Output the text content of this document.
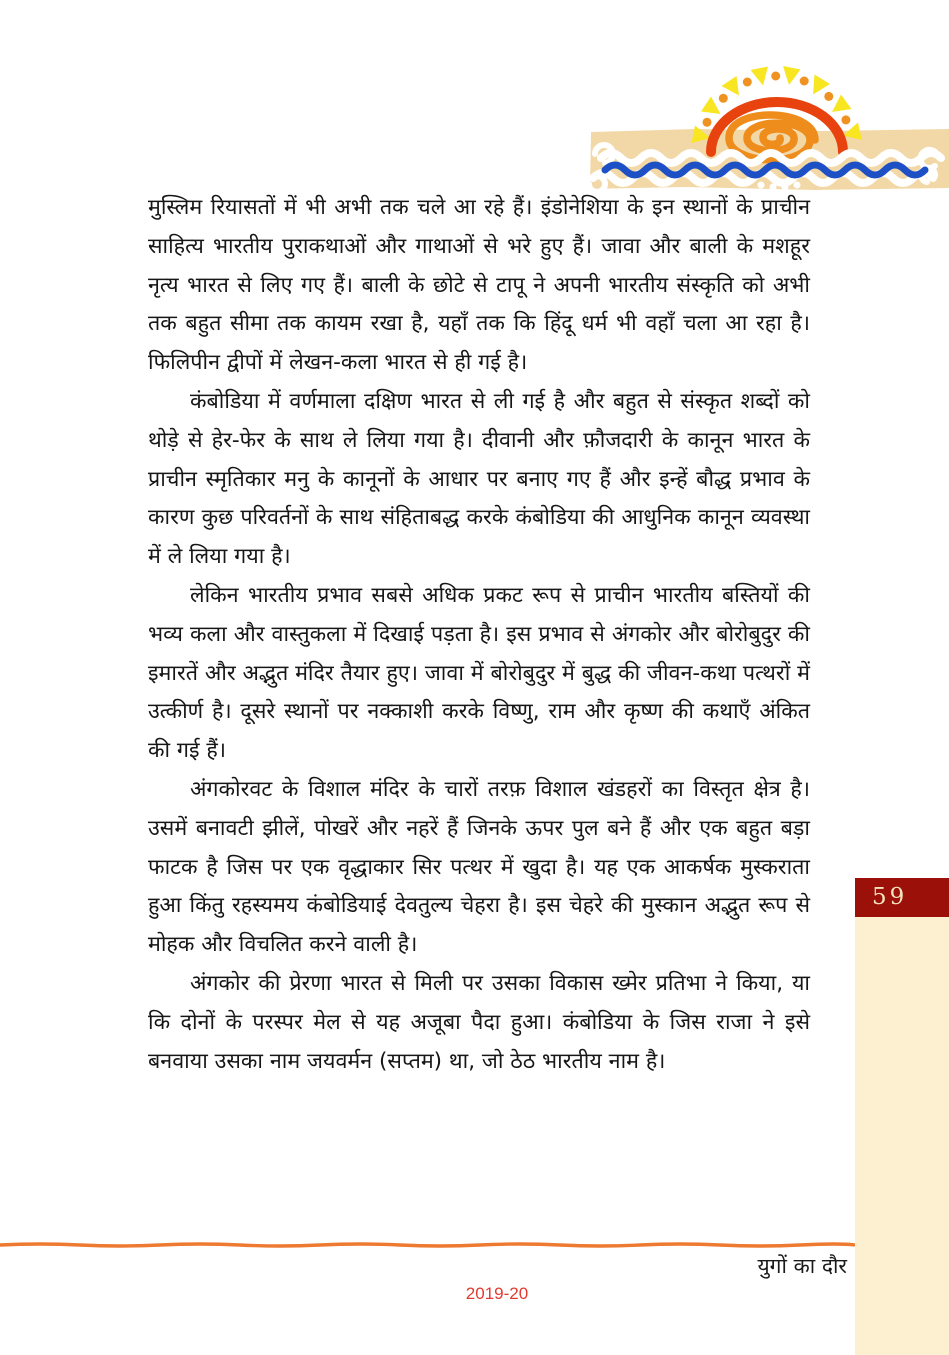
मुस्लिम रियासतों में भी अभी तक चले आ रहे हैं। इंडोनेशिया के इन स्थानों के प्राचीन साहित्य भारतीय पुराकथाओं और गाथाओं से भरे हुए हैं। जावा और बाली के मशहूर नृत्य भारत से लिए गए हैं। बाली के छोटे से टापू ने अपनी भारतीय संस्कृति को अभी तक बहुत सीमा तक कायम रखा है, यहाँ तक कि हिंदू धर्म भी वहाँ चला आ रहा है। फिलिपीन द्वीपों में लेखन-कला भारत से ही गई है।

कंबोडिया में वर्णमाला दक्षिण भारत से ली गई है और बहुत से संस्कृत शब्दों को थोड़े से हेर-फेर के साथ ले लिया गया है। दीवानी और फ़ौजदारी के कानून भारत के प्राचीन स्मृतिकार मनु के कानूनों के आधार पर बनाए गए हैं और इन्हें बौद्ध प्रभाव के कारण कुछ परिवर्तनों के साथ संहिताबद्ध करके कंबोडिया की आधुनिक कानून व्यवस्था में ले लिया गया है।

लेकिन भारतीय प्रभाव सबसे अधिक प्रकट रूप से प्राचीन भारतीय बस्तियों की भव्य कला और वास्तुकला में दिखाई पड़ता है। इस प्रभाव से अंगकोर और बोरोबुदुर की इमारतें और अद्भुत मंदिर तैयार हुए। जावा में बोरोबुदुर में बुद्ध की जीवन-कथा पत्थरों में उत्कीर्ण है। दूसरे स्थानों पर नक्काशी करके विष्णु, राम और कृष्ण की कथाएँ अंकित की गई हैं।

अंगकोरवट के विशाल मंदिर के चारों तरफ़ विशाल खंडहरों का विस्तृत क्षेत्र है। उसमें बनावटी झीलें, पोखरें और नहरें हैं जिनके ऊपर पुल बने हैं और एक बहुत बड़ा फाटक है जिस पर एक वृद्धाकार सिर पत्थर में खुदा है। यह एक आकर्षक मुस्कराता हुआ किंतु रहस्यमय कंबोडियाई देवतुल्य चेहरा है। इस चेहरे की मुस्कान अद्भुत रूप से मोहक और विचलित करने वाली है।

अंगकोर की प्रेरणा भारत से मिली पर उसका विकास ख्मेर प्रतिभा ने किया, या कि दोनों के परस्पर मेल से यह अजूबा पैदा हुआ। कंबोडिया के जिस राजा ने इसे बनवाया उसका नाम जयवर्मन (सप्तम) था, जो ठेठ भारतीय नाम है।

59
युगों का दौर
2019-20
